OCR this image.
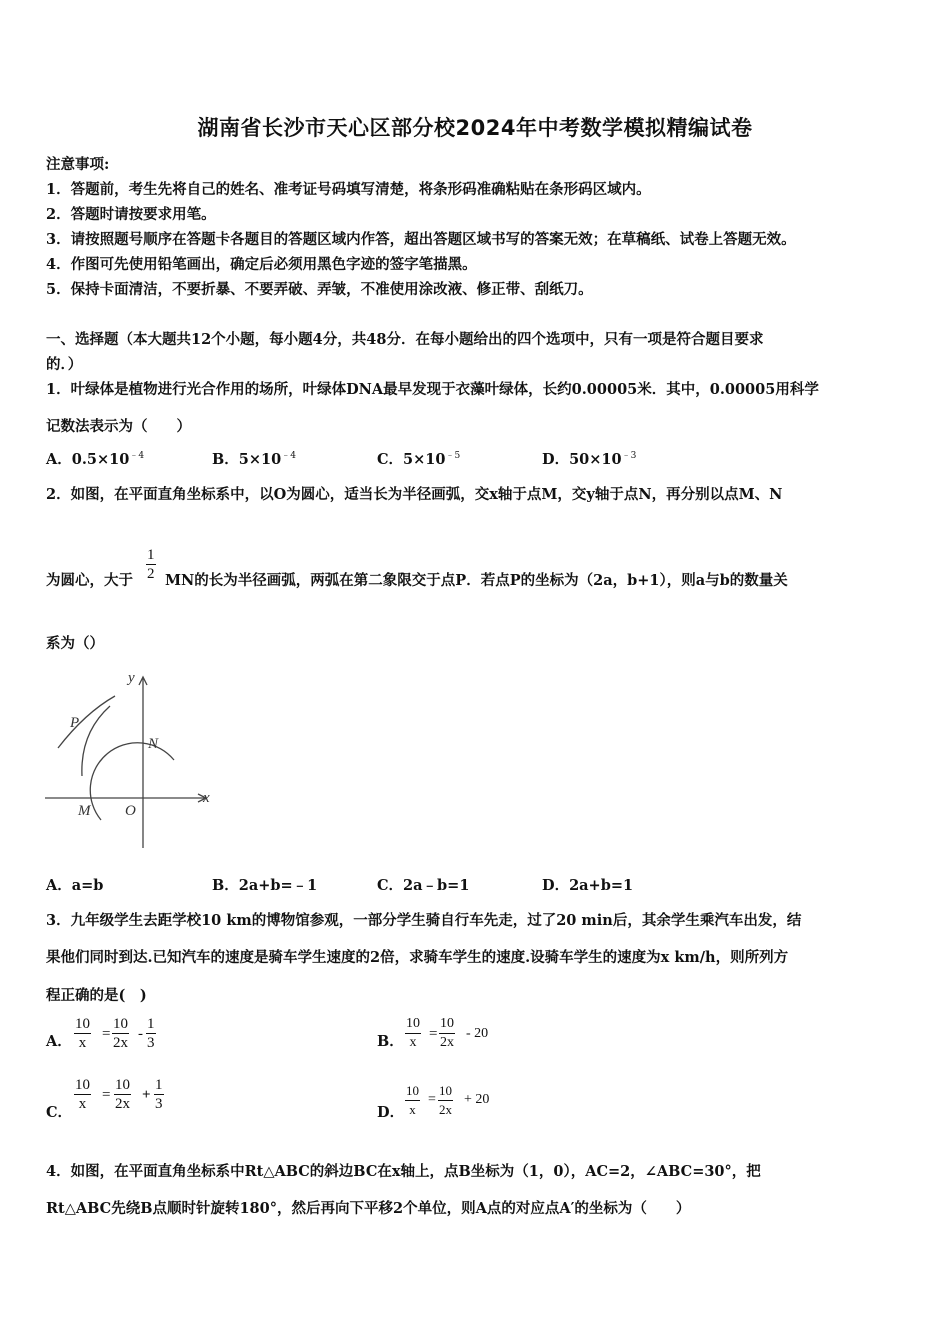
湖南省长沙市天心区部分校2024年中考数学模拟精编试卷
注意事项:
1．答题前，考生先将自己的姓名、准考证号码填写清楚，将条形码准确粘贴在条形码区域内。
2．答题时请按要求用笔。
3．请按照题号顺序在答题卡各题目的答题区域内作答，超出答题区域书写的答案无效；在草稿纸、试卷上答题无效。
4．作图可先使用铅笔画出，确定后必须用黑色字迹的签字笔描黑。
5．保持卡面清洁，不要折暴、不要弄破、弄皱，不准使用涂改液、修正带、刮纸刀。
一、选择题（本大题共12个小题，每小题4分，共48分．在每小题给出的四个选项中，只有一项是符合题目要求
的．）
1．叶绿体是植物进行光合作用的场所，叶绿体DNA最早发现于衣藻叶绿体，长约0.00005米．其中，0.00005用科学
记数法表示为（　　）
A．$0.5\times 10^{﹣4}$	B．$5\times 10^{﹣4}$	C．$5\times 10^{﹣5}$	D．$50\times 10^{﹣3}$
2．如图，在平面直角坐标系中，以O为圆心，适当长为半径画弧，交x轴于点M，交y轴于点N，再分别以点M、N
为圆心，大于 $\frac{1}{2}$ MN的长为半径画弧，两弧在第二象限交于点P．若点P的坐标为（2a，b+1），则a与b的数量关
系为（）
y
x
P
N
M O
A．a=b	B．2a+b=﹣1	C．2a﹣b=1	D．2a+b=1
3．九年级学生去距学校10 km的博物馆参观，一部分学生骑自行车先走，过了20 min后，其余学生乘汽车出发，结
果他们同时到达.已知汽车的速度是骑车学生速度的2倍，求骑车学生的速度.设骑车学生的速度为x km/h，则所列方
程正确的是(　)
A． $\frac{10}{x} = \frac{10}{2x} - \frac{1}{3}$	B． $\frac{10}{x} = \frac{10}{2x} - 20$
C． $\frac{10}{x} = \frac{10}{2x} + \frac{1}{3}$	D． $\frac{10}{x} = \frac{10}{2x} + 20$
4．如图，在平面直角坐标系中Rt△ABC的斜边BC在x轴上，点B坐标为（1，0），AC=2，∠ABC=30°，把
Rt△ABC先绕B点顺时针旋转180°，然后再向下平移2个单位，则A点的对应点A′的坐标为（　　）
